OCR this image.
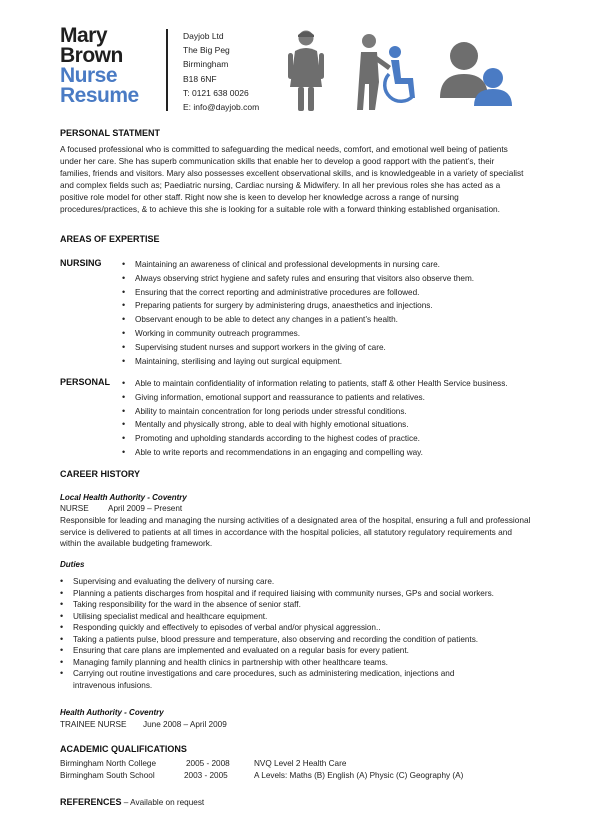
Mary
Brown
Nurse
Resume
Dayjob Ltd
The Big Peg
Birmingham
B18 6NF
T: 0121 638 0026
E: info@dayjob.com
PERSONAL STATMENT
A focused professional who is committed to safeguarding the medical needs, comfort, and emotional well being of patients
under her care. She has superb communication skills that enable her to develop a good rapport with the patient’s, their
families, friends and visitors. Mary also possesses excellent observational skills, and is knowledgeable in a variety of specialist
and complex fields such as; Paediatric nursing, Cardiac nursing & Midwifery. In all her previous roles she has acted as a
positive role model for other staff. Right now she is keen to develop her knowledge across a range of nursing
procedures/practices, & to achieve this she is looking for a suitable role with a forward thinking established organisation.
AREAS OF EXPERTISE
NURSING	• Maintaining an awareness of clinical and professional developments in nursing care.
• Always observing strict hygiene and safety rules and ensuring that visitors also observe them.
• Ensuring that the correct reporting and administrative procedures are followed.
• Preparing patients for surgery by administering drugs, anaesthetics and injections.
• Observant enough to be able to detect any changes in a patient’s health.
• Working in community outreach programmes.
• Supervising student nurses and support workers in the giving of care.
• Maintaining, sterilising and laying out surgical equipment.
PERSONAL	• Able to maintain confidentiality of information relating to patients, staff & other Health Service business.
• Giving information, emotional support and reassurance to patients and relatives.
• Ability to maintain concentration for long periods under stressful conditions.
• Mentally and physically strong, able to deal with highly emotional situations.
• Promoting and upholding standards according to the highest codes of practice.
• Able to write reports and recommendations in an engaging and compelling way.
CAREER HISTORY
Local Health Authority - Coventry
NURSE April 2009 – Present
Responsible for leading and managing the nursing activities of a designated area of the hospital, ensuring a full and professional
service is delivered to patients at all times in accordance with the hospital policies, all statutory regulatory requirements and
within the available budgeting framework.
Duties
• Supervising and evaluating the delivery of nursing care.
• Planning a patients discharges from hospital and if required liaising with community nurses, GPs and social workers.
• Taking responsibility for the ward in the absence of senior staff.
• Utilising specialist medical and healthcare equipment.
• Responding quickly and effectively to episodes of verbal and/or physical aggression..
• Taking a patients pulse, blood pressure and temperature, also observing and recording the condition of patients.
• Ensuring that care plans are implemented and evaluated on a regular basis for every patient.
• Managing family planning and health clinics in partnership with other healthcare teams.
• Carrying out routine investigations and care procedures, such as administering medication, injections and
intravenous infusions.
Health Authority - Coventry
TRAINEE NURSE June 2008 – April 2009
ACADEMIC QUALIFICATIONS
Birmingham North College	2005 - 2008	NVQ Level 2 Health Care
Birmingham South School	2003 - 2005	A Levels: Maths (B) English (A) Physic (C) Geography (A)
REFERENCES – Available on request
